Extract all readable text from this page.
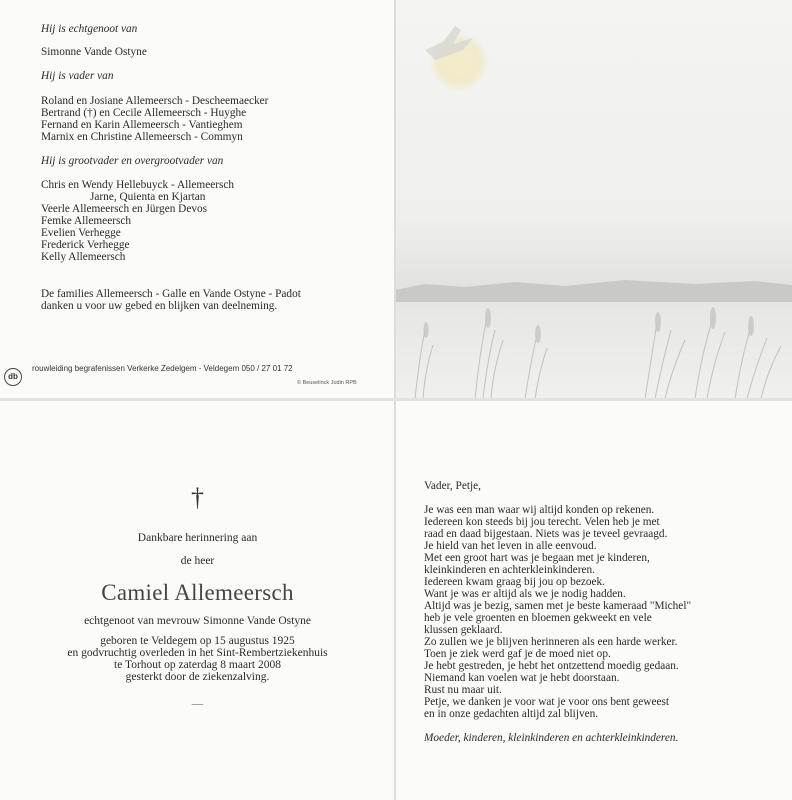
Hij is echtgenoot van
Simonne Vande Ostyne
Hij is vader van
Roland en Josiane Allemeersch - Descheemaecker
Bertrand (†) en Cecile Allemeersch - Huyghe
Fernand en Karin Allemeersch - Vantieghem
Marnix en Christine Allemeersch - Commyn
Hij is grootvader en overgrootvader van
Chris en Wendy Hellebuyck - Allemeersch
Jarne, Quienta en Kjartan
Veerle Allemeersch en Jürgen Devos
Femke Allemeersch
Evelien Verhegge
Frederick Verhegge
Kelly Allemeersch
De families Allemeersch - Galle en Vande Ostyne - Padot
danken u voor uw gebed en blijken van deelneming.
db
rouwleiding begrafenissen Verkerke Zedelgem - Veldegem 050 / 27 01 72
© Beuselinck Judin RPB
†
Dankbare herinnering aan
de heer
Camiel Allemeersch
echtgenoot van mevrouw Simonne Vande Ostyne
geboren te Veldegem op 15 augustus 1925
en godvruchtig overleden in het Sint-Rembertziekenhuis
te Torhout op zaterdag 8 maart 2008
gesterkt door de ziekenzalving.
—
Vader, Petje,
Je was een man waar wij altijd konden op rekenen.
Iedereen kon steeds bij jou terecht. Velen heb je met
raad en daad bijgestaan. Niets was je teveel gevraagd.
Je hield van het leven in alle eenvoud.
Met een groot hart was je begaan met je kinderen,
kleinkinderen en achterkleinkinderen.
Iedereen kwam graag bij jou op bezoek.
Want je was er altijd als we je nodig hadden.
Altijd was je bezig, samen met je beste kameraad "Michel"
heb je vele groenten en bloemen gekweekt en vele
klussen geklaard.
Zo zullen we je blijven herinneren als een harde werker.
Toen je ziek werd gaf je de moed niet op.
Je hebt gestreden, je hebt het ontzettend moedig gedaan.
Niemand kan voelen wat je hebt doorstaan.
Rust nu maar uit.
Petje, we danken je voor wat je voor ons bent geweest
en in onze gedachten altijd zal blijven.
Moeder, kinderen, kleinkinderen en achterkleinkinderen.
